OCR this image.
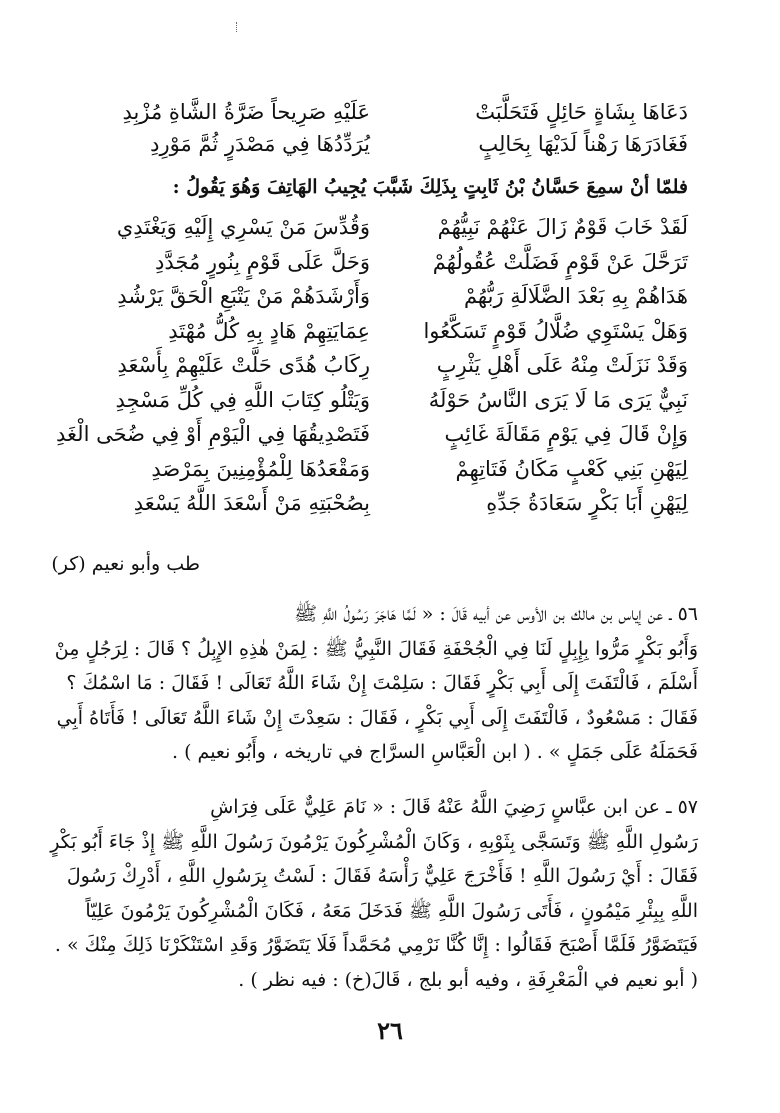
دَعَاهَا بِشَاةٍ حَائِلٍ فَتَحَلَّبَتْ
عَلَيْهِ صَرِيحاً ضَرَّةُ الشَّاةِ مُزْبِدِ
فَغَادَرَهَا رَهْناً لَدَيْهَا بِحَالِبٍ
يُرَدِّدُهَا فِي مَصْدَرٍ ثُمَّ مَوْرِدِ
فلمّا أنْ سمِعَ حَسَّانُ بْنُ ثَابِتٍ بِذَلِكَ شَبَّبَ يُجِيبُ الهَاتِفَ وَهُوَ يَقُولُ :
لَقَدْ خَابَ قَوْمٌ زَالَ عَنْهُمْ نَبِيُّهُمْ
وَقُدِّسَ مَنْ يَسْرِي إِلَيْهِ وَيَغْتَدِي
تَرَحَّلَ عَنْ قَوْمٍ فَضَلَّتْ عُقُولُهُمْ
وَحَلَّ عَلَى قَوْمٍ بِنُورٍ مُجَدَّدِ
هَدَاهُمْ بِهِ بَعْدَ الضَّلَالَةِ رَبُّهُمْ
وَأَرْشَدَهُمْ مَنْ يَتْبَعِ الْحَقَّ يَرْشُدِ
وَهَلْ يَسْتَوِي ضُلَّالُ قَوْمٍ تَسَكَّعُوا
عِمَايَتِهِمْ هَادٍ بِهِ كُلُّ مُهْتَدِ
وَقَدْ نَزَلَتْ مِنْهُ عَلَى أَهْلِ يَثْرِبٍ
رِكَابُ هُدًى حَلَّتْ عَلَيْهِمْ بِأَسْعَدِ
نَبِيٌّ يَرَى مَا لَا يَرَى النَّاسُ حَوْلَهُ
وَيَتْلُو كِتَابَ اللَّهِ فِي كُلِّ مَسْجِدِ
وَإِنْ قَالَ فِي يَوْمٍ مَقَالَةَ غَائِبٍ
فَتَصْدِيقُهَا فِي الْيَوْمِ أَوْ فِي ضُحَى الْغَدِ
لِيَهْنِ بَنِي كَعْبٍ مَكَانُ فَتَاتِهِمْ
وَمَقْعَدُهَا لِلْمُؤْمِنِينَ بِمَرْصَدِ
لِيَهْنِ أَبَا بَكْرٍ سَعَادَةُ جَدِّهِ
بِصُحْبَتِهِ مَنْ أَسْعَدَ اللَّهُ يَسْعَدِ
طب وأبو نعيم (كر)
٥٦ ـ عن إياس بن مالك بن الأوس عن أبيه قَالَ : « لَمَّا هَاجَرَ رَسُولُ اللَّهِ ﷺ
وَأَبُو بَكْرٍ مَرُّوا بِإِبِلٍ لَنَا فِي الْجُحْفَةِ فَقَالَ النَّبِيُّ ﷺ : لِمَنْ هٰذِهِ الإِبِلُ ؟ قَالَ : لِرَجُلٍ مِنْ
أَسْلَمَ ، فَالْتَفَتَ إِلَى أَبِي بَكْرٍ فَقَالَ : سَلِمْتَ إِنْ شَاءَ اللَّهُ تَعَالَى ! فَقَالَ : مَا اسْمُكَ ؟
فَقَالَ : مَسْعُودٌ ، فَالْتَفَتَ إِلَى أَبِي بَكْرٍ ، فَقَالَ : سَعِدْتَ إِنْ شَاءَ اللَّهُ تَعَالَى ! فَأَتَاهُ أَبِي
فَحَمَلَهُ عَلَى جَمَلٍ » . ( ابن الْعَبَّاسِ السرَّاج في تاريخه ، وأَبُو نعيم ) .
٥٧ ـ عن ابن عبَّاسٍ رَضِيَ اللَّهُ عَنْهُ قَالَ : « نَامَ عَلِيٌّ عَلَى فِرَاشِ
رَسُولِ اللَّهِ ﷺ وَتَسَجَّى بِثَوْبِهِ ، وَكَانَ الْمُشْرِكُونَ يَرْمُونَ رَسُولَ اللَّهِ ﷺ إِذْ جَاءَ أَبُو بَكْرٍ
فَقَالَ : أَيْ رَسُولَ اللَّهِ ! فَأَخْرَجَ عَلِيٌّ رَأْسَهُ فَقَالَ : لَسْتُ بِرَسُولِ اللَّهِ ، أَدْرِكْ رَسُولَ
اللَّهِ بِبِئْرِ مَيْمُونٍ ، فَأَتَى رَسُولَ اللَّهِ ﷺ فَدَخَلَ مَعَهُ ، فَكَانَ الْمُشْرِكُونَ يَرْمُونَ عَلِيّاً
فَيَتَضَوَّرُ فَلَمَّا أَصْبَحَ فَقَالُوا : إِنَّا كُنَّا نَرْمِي مُحَمَّداً فَلَا يَتَضَوَّرُ وَقَدِ اسْتَنْكَرْنَا ذَلِكَ مِنْكَ » .
( أبو نعيم في الْمَعْرِفَةِ ، وفيه أبو بلج ، قَالَ(خ) : فيه نظر ) .
٢٦
